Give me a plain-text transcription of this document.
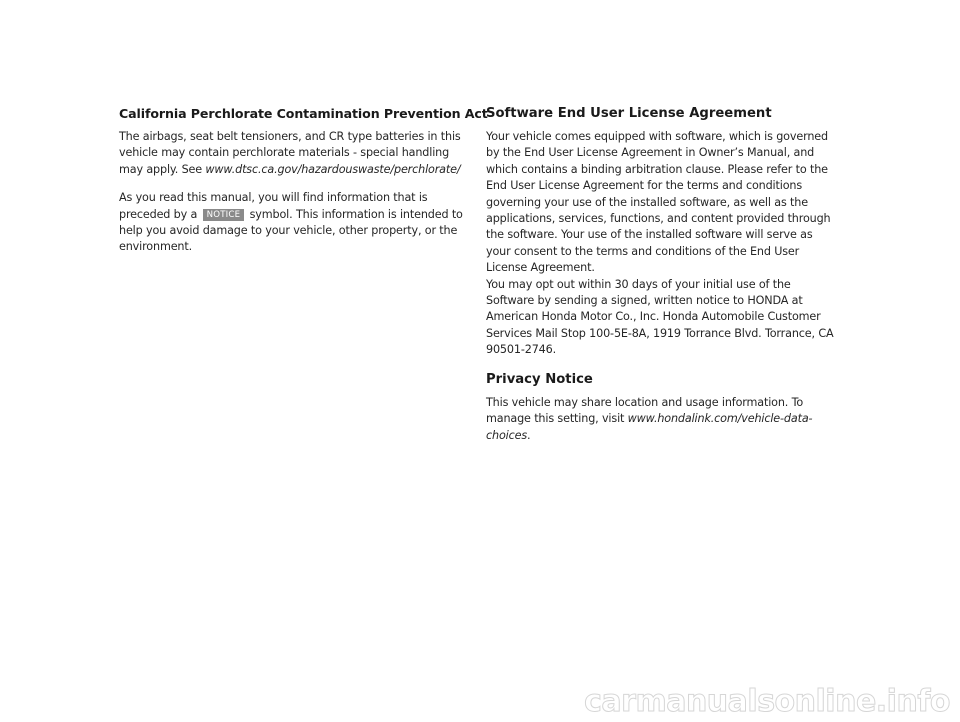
California Perchlorate Contamination Prevention Act

The airbags, seat belt tensioners, and CR type batteries in this vehicle may contain perchlorate materials - special handling may apply. See www.dtsc.ca.gov/hazardouswaste/perchlorate/

As you read this manual, you will find information that is preceded by a NOTICE symbol. This information is intended to help you avoid damage to your vehicle, other property, or the environment.

Software End User License Agreement

Your vehicle comes equipped with software, which is governed by the End User License Agreement in Owner’s Manual, and which contains a binding arbitration clause. Please refer to the End User License Agreement for the terms and conditions governing your use of the installed software, as well as the applications, services, functions, and content provided through the software. Your use of the installed software will serve as your consent to the terms and conditions of the End User License Agreement.

You may opt out within 30 days of your initial use of the Software by sending a signed, written notice to HONDA at American Honda Motor Co., Inc. Honda Automobile Customer Services Mail Stop 100-5E-8A, 1919 Torrance Blvd. Torrance, CA 90501-2746.

Privacy Notice

This vehicle may share location and usage information. To manage this setting, visit www.hondalink.com/vehicle-data-choices.

carmanualsonline.info
